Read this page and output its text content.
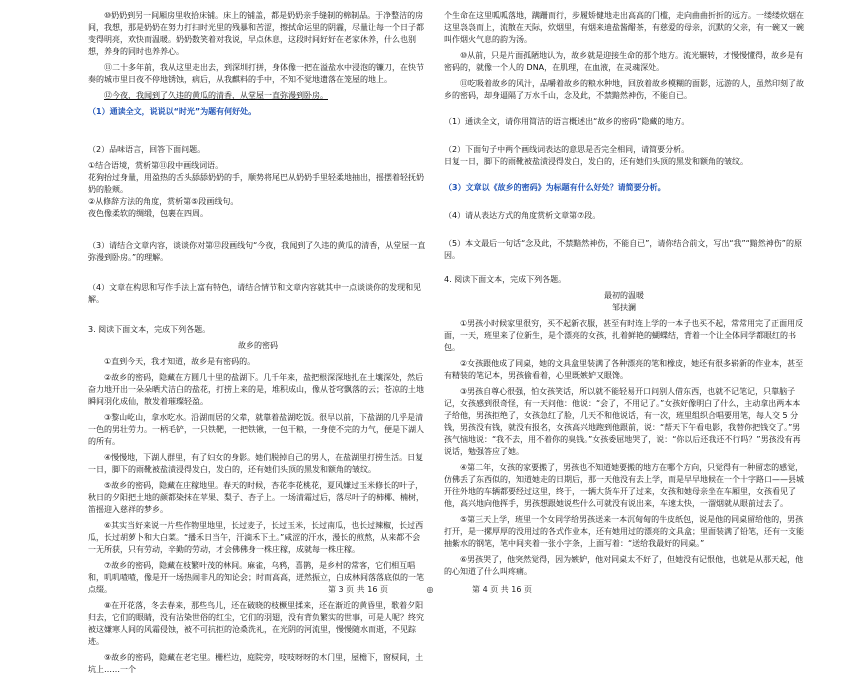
⑩奶奶到另一间厢房里收拾床铺。床上的铺盖，都是奶奶亲手缝制的棉制品。于净整洁的房间，我想，那是奶奶在努力打扫时光里的残暴和苦涩，擦拭命运里的阴霾，尽量让每一个日子都变得明亮，欢快而温暖。奶奶数笑着对我说，早点休息，这段时间好好在老家休养，什么也别想，养身的同时也养养心。

⑪二十多年前，我从这里走出去，到深圳打拼，身体像一把在溢盐水中浸泡的镰刀，在快节奏的城市里日夜不停地锈蚀，病后，从我麒料的手中，不知不觉地遗落在笼屋的地上。

⑫今夜，我闻到了久违的黄瓜的清香，从堂屋一直弥漫到卧房。

（1）通读全文，说说以“时光”为题有何好处。

（2）品味语言，回答下面问题。

①结合语境，赏析第⑪段中画线词语。

花狗抬过身量，用盈热的舌头舔舔奶奶的手，顺势将尾巴从奶奶手里轻柔地抽出，摇摆着轻抚奶奶的脸颊。

②从修辞方法的角度，赏析第⑤段画线句。

夜色像柔软的绸缎，包裹在四周。

（3）请结合文章内容，谈谈你对第⑫段画线句“今夜，我闻到了久违的黄瓜的清香，从堂屋一直弥漫到卧房。”的理解。

（4）文章在构思和写作手法上富有特色，请结合情节和文章内容就其中一点谈谈你的发现和见解。

3. 阅读下面文本，完成下列各题。

故乡的密码

①直到今天，我才知道，故乡是有密码的。

②故乡的密码，隐藏在方圆几十里的盐湖下。几千年来，盐把根深深地扎在土壤深处，然后奋力地开出一朵朵晒犬洁白的盐花，打捞上来的是，堆积成山，像从苍穹飘落的云；苍凉的土地瞬间羽化成仙，散发着璀璨轻盈。

③黎山屹山，拿水吃水。沿湖而居的父辈，就靠着盐湖吃饭。很早以前，下盐湖的几乎是清一色的男壮劳力。一柄毛铲，一只铁靶，一把铁锹，一包干粮，一身使不完的力气，便是下湖人的所有。

④慢慢地，下湖人群里，有了妇女的身影。她们脱掉自己的男人，在盐湖里打捞生活。日复一日，脚下的雨靴被盐渍浸得发白，发白的，还有她们头顶的黑发和额角的皱纹。

⑤故乡的密码，隐藏在庄稼地里。春天的时候，杏花李花桃花，夏风嫌过玉米修长的叶子，秋日的夕阳把土地的颜都染抹在苹果、梨子、杏子上。一场清霜过后，落尽叶子的柿椰、楠树，笛摇迎入慈祥的梦乡。

⑥其实当好来说一片些作物里地里，长过麦子，长过玉米，长过南瓜，也长过辣椒，长过西瓜，长过胡萝卜和大白菜。“播禾日当午，汗滴禾下土。”咸涩的汗水，漫长的煎熬，从来都不会一无所获，只有劳动，辛勤的劳动，才会佛佛身一株庄稼，成就每一株庄稼。

⑦故乡的密码，隐藏在枝繁叶茂的林间。麻雀，乌鸦，喜鹊，是乡村的常客，它们相互唱和，叽叽喳喳，像是开一场热闹非凡的知论会；时而高高，迸然振立，白成林间落落底似的一笔点缀。

⑧在开花落，冬去春来，那些鸟儿，还在破晓的枝橛里揉来，还在渐近的黄昏里，歌着夕阳归去，它们的眼睛，没有沾染世俗的红尘，它们的羽翅，没有背负繁实的世事，可是人呢？终究被这嫌寒人间的风霜侵蚀，被不可抗拒的沧桑洗礼，在光阴的河流里，慢慢随水而逝，不见踪迹。

⑨故乡的密码，隐藏在老宅里。栅栏边，庭院旁，吱吱呀呀的木门里，屋檐下，窗棂间，土坑上……一个

个生命在这里呱呱落地，蹒跚而行，步履矫健地走出高高的门槛，走向曲曲折折的远方。一缕缕炊烟在这里袅袅而上，流散在天际，炊烟里，有烟来迪盐酱醋茶，有慈爱的母亲，沉默的父亲，有一碗又一碗叫作烟火气息的韵为汤。

⑩从前，只是片面孤陋地认为，故乡就是迎接生命的那个地方。流光辗转，才慢慢懂得，故乡是有密码的，就像一个人的 DNA，在肌理，在血液，在灵魂深处。

⑪吃吸着故乡的风汁，品嚼着故乡的粮水种地，回放着故乡模糊的面影，远游的人，虽然印刻了故乡的密码，却身逼隔了万水千山，念及此，不禁黯然神伤，不能自已。

（1）通读全文，请你用简洁的语言概述出“故乡的密码”隐藏的地方。

（2）下面句子中两个画线词表达的意思是否完全相同，请简要分析。

日复一日，脚下的雨靴被盐渍浸得发白，发白的，还有她们头顶的黑发和额角的皱纹。

（3）文章以《故乡的密码》为标题有什么好处？请简要分析。

（4）请从表达方式的角度赏析文章第⑦段。

（5）本文最后一句话“念及此，不禁黯然神伤，不能自已”，请你结合前文，写出“我”“黯然神伤”的原因。

4. 阅读下面文本，完成下列各题。

最初的温暖

邹扶澜

①男孩小时候家里很穷，买不起新衣服，甚至有时连上学的一本子也买不起，常常用完了正面用反面，一天，班里来了位新生，是个漂亮的女孩，扎着鲜艳的蝴蝶结，背着一个让全体同学都眼红的书包。

②女孩跟他成了同桌，她的文具盒里装满了各种漂亮的笔和橡皮，她还有很多崭新的作业本，甚至有精装的笔记本，男孩偷看着，心里既嫉妒又眼馋。

③男孩自尊心很强，怕女孩笑话，所以就不能轻易开口问别人借东西，也就不记笔记，只靠脑子记，女孩感到很奇怪，有一天问他：他说：“会了，不用记了。”女孩好像明白了什么，主动拿出两本本子给他，男孩拒绝了，女孩急红了脸，几天不和他说话，有一次，班里组织合唱要用笔，每人交 5 分钱，男孩没有钱，就没有报名，女孩高兴地跑到他跟前，说：“帮天下午看电影，我替你把钱交了。”男孩气恼地说：“我不去，用不着你的臭钱。”女孩委屈地哭了，说：“你以后还我还不行吗？”男孩没有再说话，勉强答应了她。

④第二年，女孩的家要搬了，男孩也不知道她要搬的地方在哪个方向，只觉得有一种留恋的感觉，仿佛丢了东西似的，知道她走的日期后，那一天他没有去上学，而是早早地候在一个十字路口——县城开往外地的车辆都要经过这里，终于，一辆大货车开了过来，女孩和她母亲坐在车厢里，女孩看见了他，高兴地向他挥手，男孩想跟她说些什么可就没有说出来，车速太快，一溜烟就从眼前过去了。

⑤第三天上学，班里一个女同学给男孩送来一本沉甸甸的牛皮纸包，说是他的同桌留给他的，男孩打开，是一摞厚厚的没用过的各式作业本，还有她用过的漂亮的文具盒；里面装满了铅笔，还有一支能抽紫水的钢笔，笔中间夹着一张小字条，上面写着：“送给我最好的同桌。”

⑥男孩哭了，他突然觉得，因为嫉妒，他对同桌太不好了，但她没有记恨他，也就是从那天起，他的心知道了什么叫疼痛。

第 3 页 共 16 页	◎	第 4 页 共 16 页
